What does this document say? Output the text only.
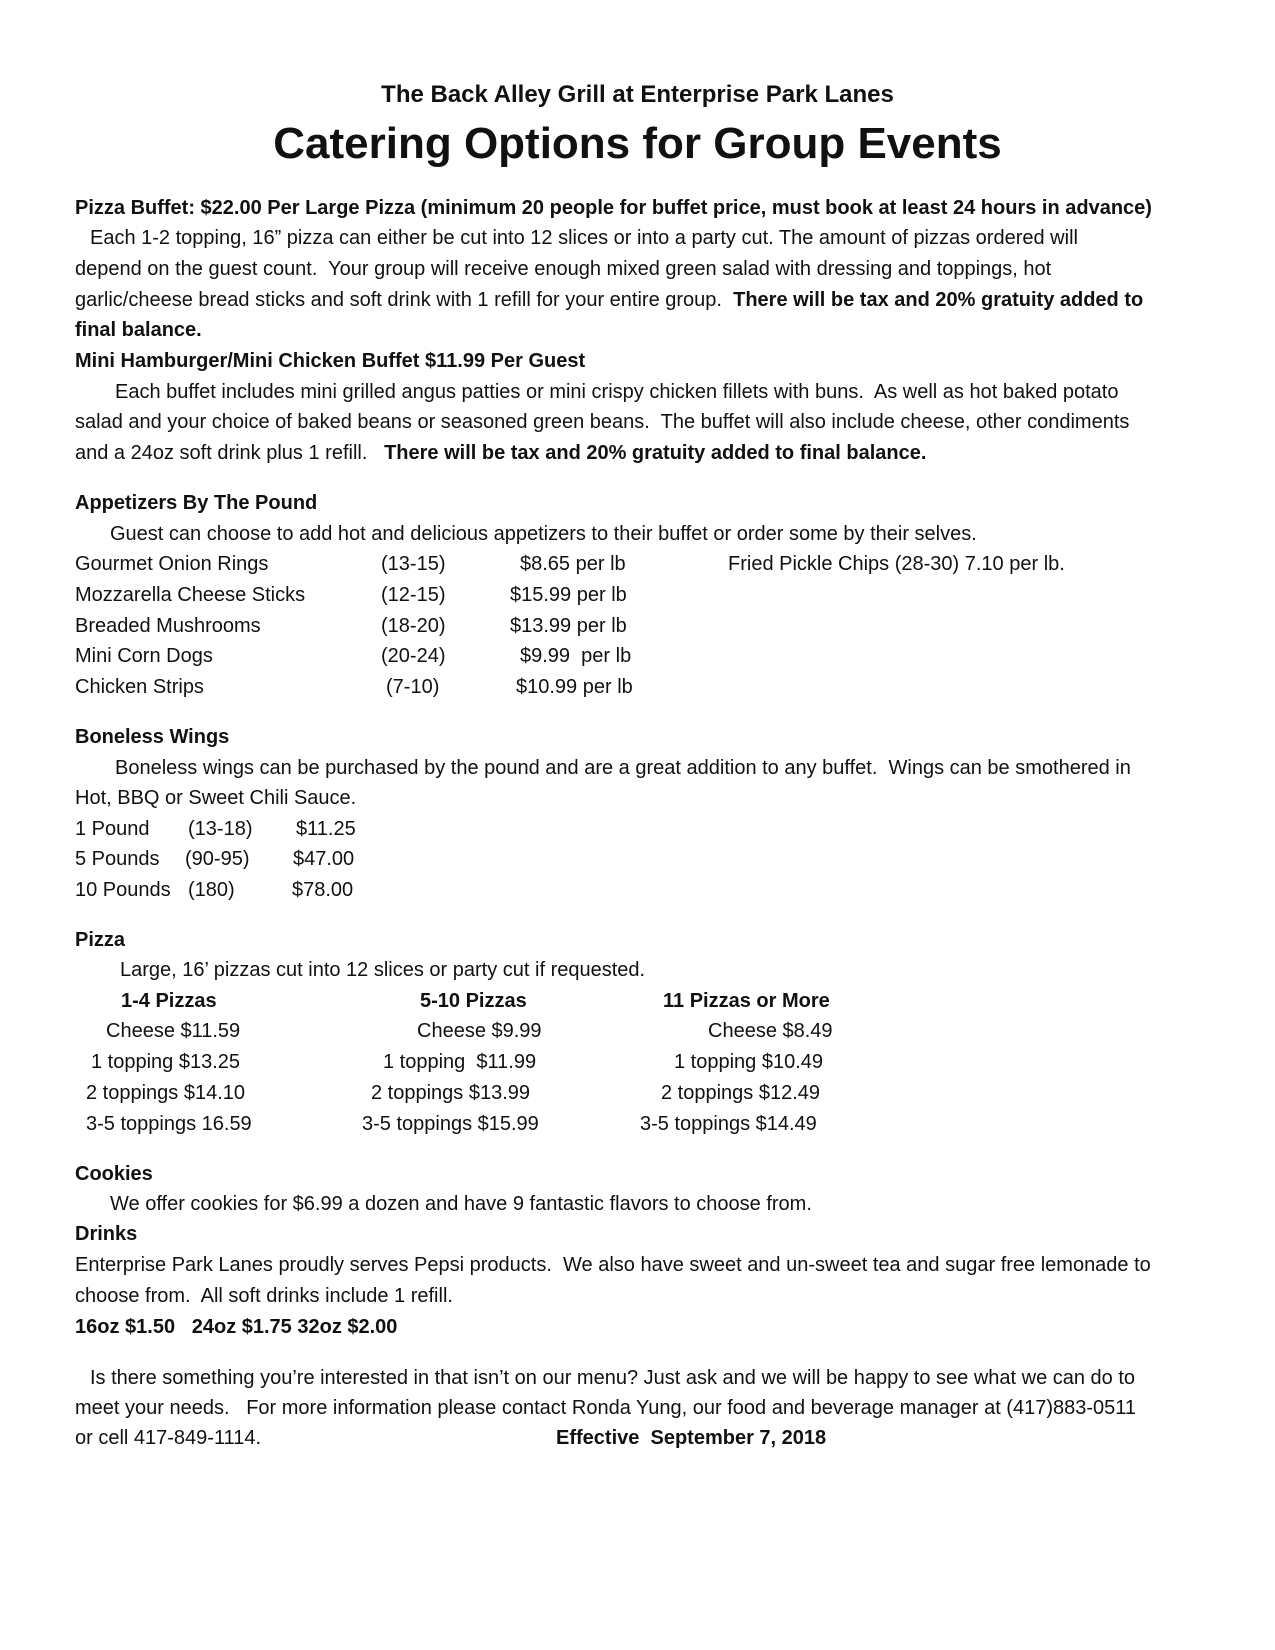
The Back Alley Grill at Enterprise Park Lanes
Catering Options for Group Events
Pizza Buffet: $22.00 Per Large Pizza (minimum 20 people for buffet price, must book at least 24 hours in advance)
Each 1-2 topping, 16” pizza can either be cut into 12 slices or into a party cut. The amount of pizzas ordered will
depend on the guest count.  Your group will receive enough mixed green salad with dressing and toppings, hot
garlic/cheese bread sticks and soft drink with 1 refill for your entire group. There will be tax and 20% gratuity added to
final balance.
Mini Hamburger/Mini Chicken Buffet $11.99 Per Guest
Each buffet includes mini grilled angus patties or mini crispy chicken fillets with buns.  As well as hot baked potato
salad and your choice of baked beans or seasoned green beans.  The buffet will also include cheese, other condiments
and a 24oz soft drink plus 1 refill. There will be tax and 20% gratuity added to final balance.
Appetizers By The Pound
Guest can choose to add hot and delicious appetizers to their buffet or order some by their selves.
Gourmet Onion Rings	(13-15)	$8.65 per lb	Fried Pickle Chips (28-30) 7.10 per lb.
Mozzarella Cheese Sticks	(12-15)	$15.99 per lb
Breaded Mushrooms	(18-20)	$13.99 per lb
Mini Corn Dogs	(20-24)	$9.99  per lb
Chicken Strips	(7-10)	$10.99 per lb
Boneless Wings
Boneless wings can be purchased by the pound and are a great addition to any buffet.  Wings can be smothered in
Hot, BBQ or Sweet Chili Sauce.
1 Pound (13-18) $11.25
5 Pounds (90-95) $47.00
10 Pounds (180)	$78.00
Pizza
Large, 16’ pizzas cut into 12 slices or party cut if requested.
1-4 Pizzas	5-10 Pizzas	11 Pizzas or More
Cheese $11.59	Cheese $9.99	Cheese $8.49
1 topping $13.25	1 topping  $11.99	1 topping $10.49
2 toppings $14.10	2 toppings $13.99	2 toppings $12.49
3-5 toppings 16.59	3-5 toppings $15.99	3-5 toppings $14.49
Cookies
We offer cookies for $6.99 a dozen and have 9 fantastic flavors to choose from.
Drinks
Enterprise Park Lanes proudly serves Pepsi products.  We also have sweet and un-sweet tea and sugar free lemonade to
choose from.  All soft drinks include 1 refill.
16oz $1.50   24oz $1.75 32oz $2.00
Is there something you’re interested in that isn’t on our menu? Just ask and we will be happy to see what we can do to
meet your needs.   For more information please contact Ronda Yung, our food and beverage manager at (417)883-0511
or cell 417-849-1114.	Effective  September 7, 2018
